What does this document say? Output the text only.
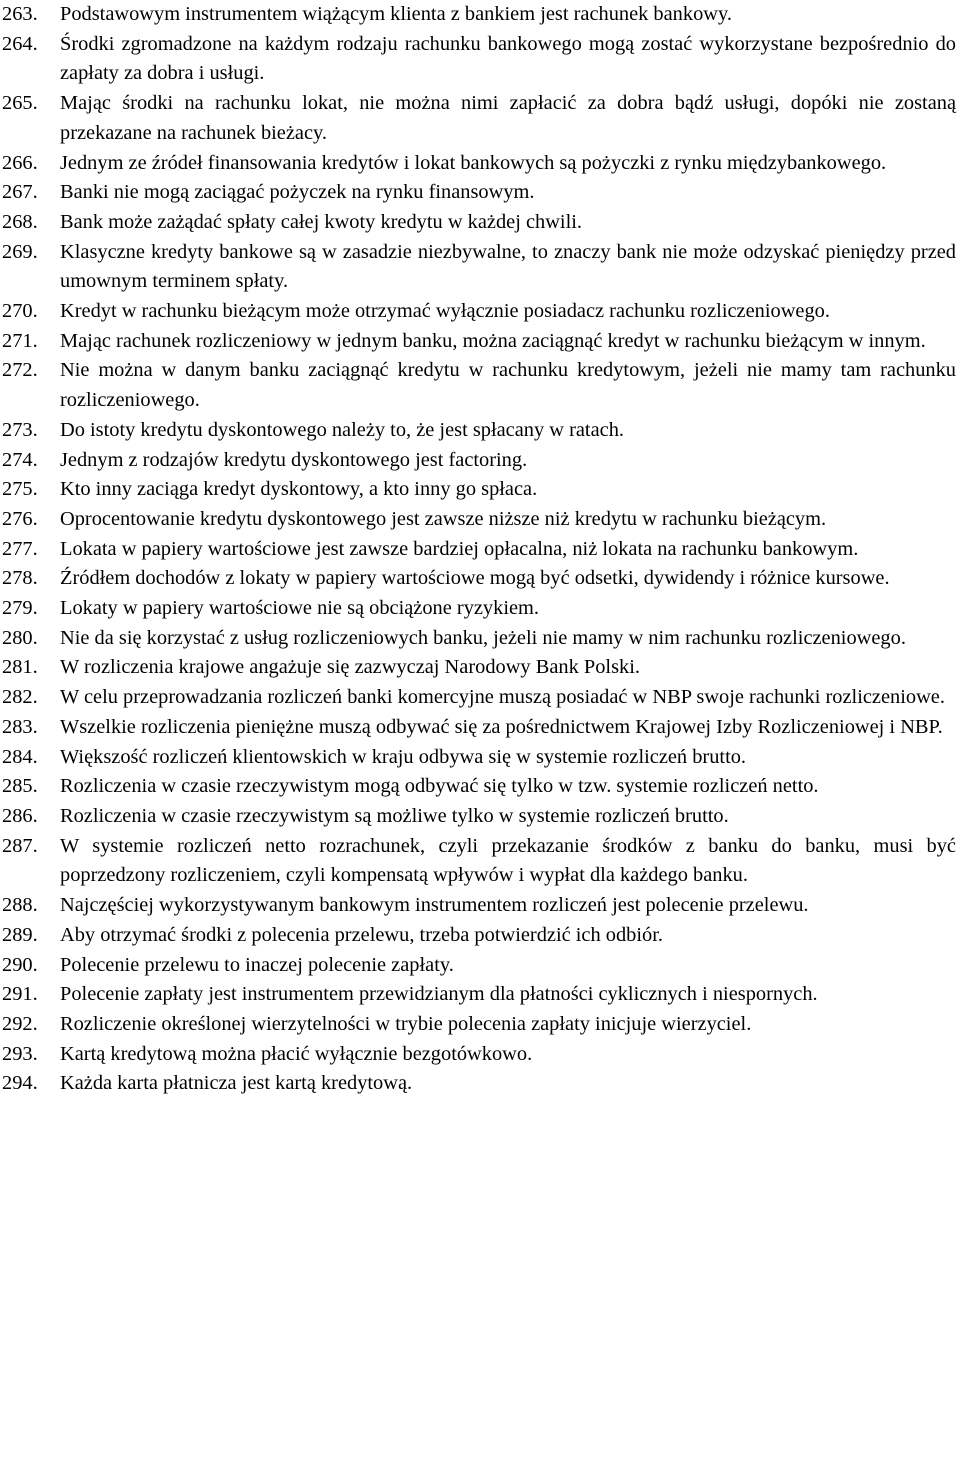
263.	Podstawowym instrumentem wiążącym klienta z bankiem jest rachunek bankowy.
264.	Środki zgromadzone na każdym rodzaju rachunku bankowego mogą zostać wykorzystane bezpośrednio do zapłaty za dobra i usługi.
265.	Mając środki na rachunku lokat, nie można nimi zapłacić za dobra bądź usługi, dopóki nie zostaną przekazane na rachunek bieżacy.
266.	Jednym ze źródeł finansowania kredytów i lokat bankowych są pożyczki z rynku międzybankowego.
267.	Banki nie mogą zaciągać pożyczek na rynku finansowym.
268.	Bank może zażądać spłaty całej kwoty kredytu w każdej chwili.
269.	Klasyczne kredyty bankowe są w zasadzie niezbywalne, to znaczy bank nie może odzyskać pieniędzy przed umownym terminem spłaty.
270.	Kredyt w rachunku bieżącym może otrzymać wyłącznie posiadacz rachunku rozliczeniowego.
271.	Mając rachunek rozliczeniowy w jednym banku, można zaciągnąć kredyt w rachunku bieżącym w innym.
272.	Nie można w danym banku zaciągnąć kredytu w rachunku kredytowym, jeżeli nie mamy tam rachunku rozliczeniowego.
273.	Do istoty kredytu dyskontowego należy to, że jest spłacany w ratach.
274.	Jednym z rodzajów kredytu dyskontowego jest factoring.
275.	Kto inny zaciąga kredyt dyskontowy, a kto inny go spłaca.
276.	Oprocentowanie kredytu dyskontowego jest zawsze niższe niż kredytu w rachunku bieżącym.
277.	Lokata w papiery wartościowe jest zawsze bardziej opłacalna, niż lokata na rachunku bankowym.
278.	Źródłem dochodów z lokaty w papiery wartościowe mogą być odsetki, dywidendy i różnice kursowe.
279.	Lokaty w papiery wartościowe nie są obciążone ryzykiem.
280.	Nie da się korzystać z usług rozliczeniowych banku, jeżeli nie mamy w nim rachunku rozliczeniowego.
281.	W rozliczenia krajowe angażuje się zazwyczaj Narodowy Bank Polski.
282.	W celu przeprowadzania rozliczeń banki komercyjne muszą posiadać w NBP swoje rachunki rozliczeniowe.
283.	Wszelkie rozliczenia pieniężne muszą odbywać się za pośrednictwem Krajowej Izby Rozliczeniowej i NBP.
284.	Większość rozliczeń klientowskich w kraju odbywa się w systemie rozliczeń brutto.
285.	Rozliczenia w czasie rzeczywistym mogą odbywać się tylko w tzw. systemie rozliczeń netto.
286.	Rozliczenia w czasie rzeczywistym są możliwe tylko w systemie rozliczeń brutto.
287.	W systemie rozliczeń netto rozrachunek, czyli przekazanie środków z banku do banku, musi być poprzedzony rozliczeniem, czyli kompensatą wpływów i wypłat dla każdego banku.
288.	Najczęściej wykorzystywanym bankowym instrumentem rozliczeń jest polecenie przelewu.
289.	Aby otrzymać środki z polecenia przelewu, trzeba potwierdzić ich odbiór.
290.	Polecenie przelewu to inaczej polecenie zapłaty.
291.	Polecenie zapłaty jest instrumentem przewidzianym dla płatności cyklicznych i niespornych.
292.	Rozliczenie określonej wierzytelności w trybie polecenia zapłaty inicjuje wierzyciel.
293.	Kartą kredytową można płacić wyłącznie bezgotówkowo.
294.	Każda karta płatnicza jest kartą kredytową.
